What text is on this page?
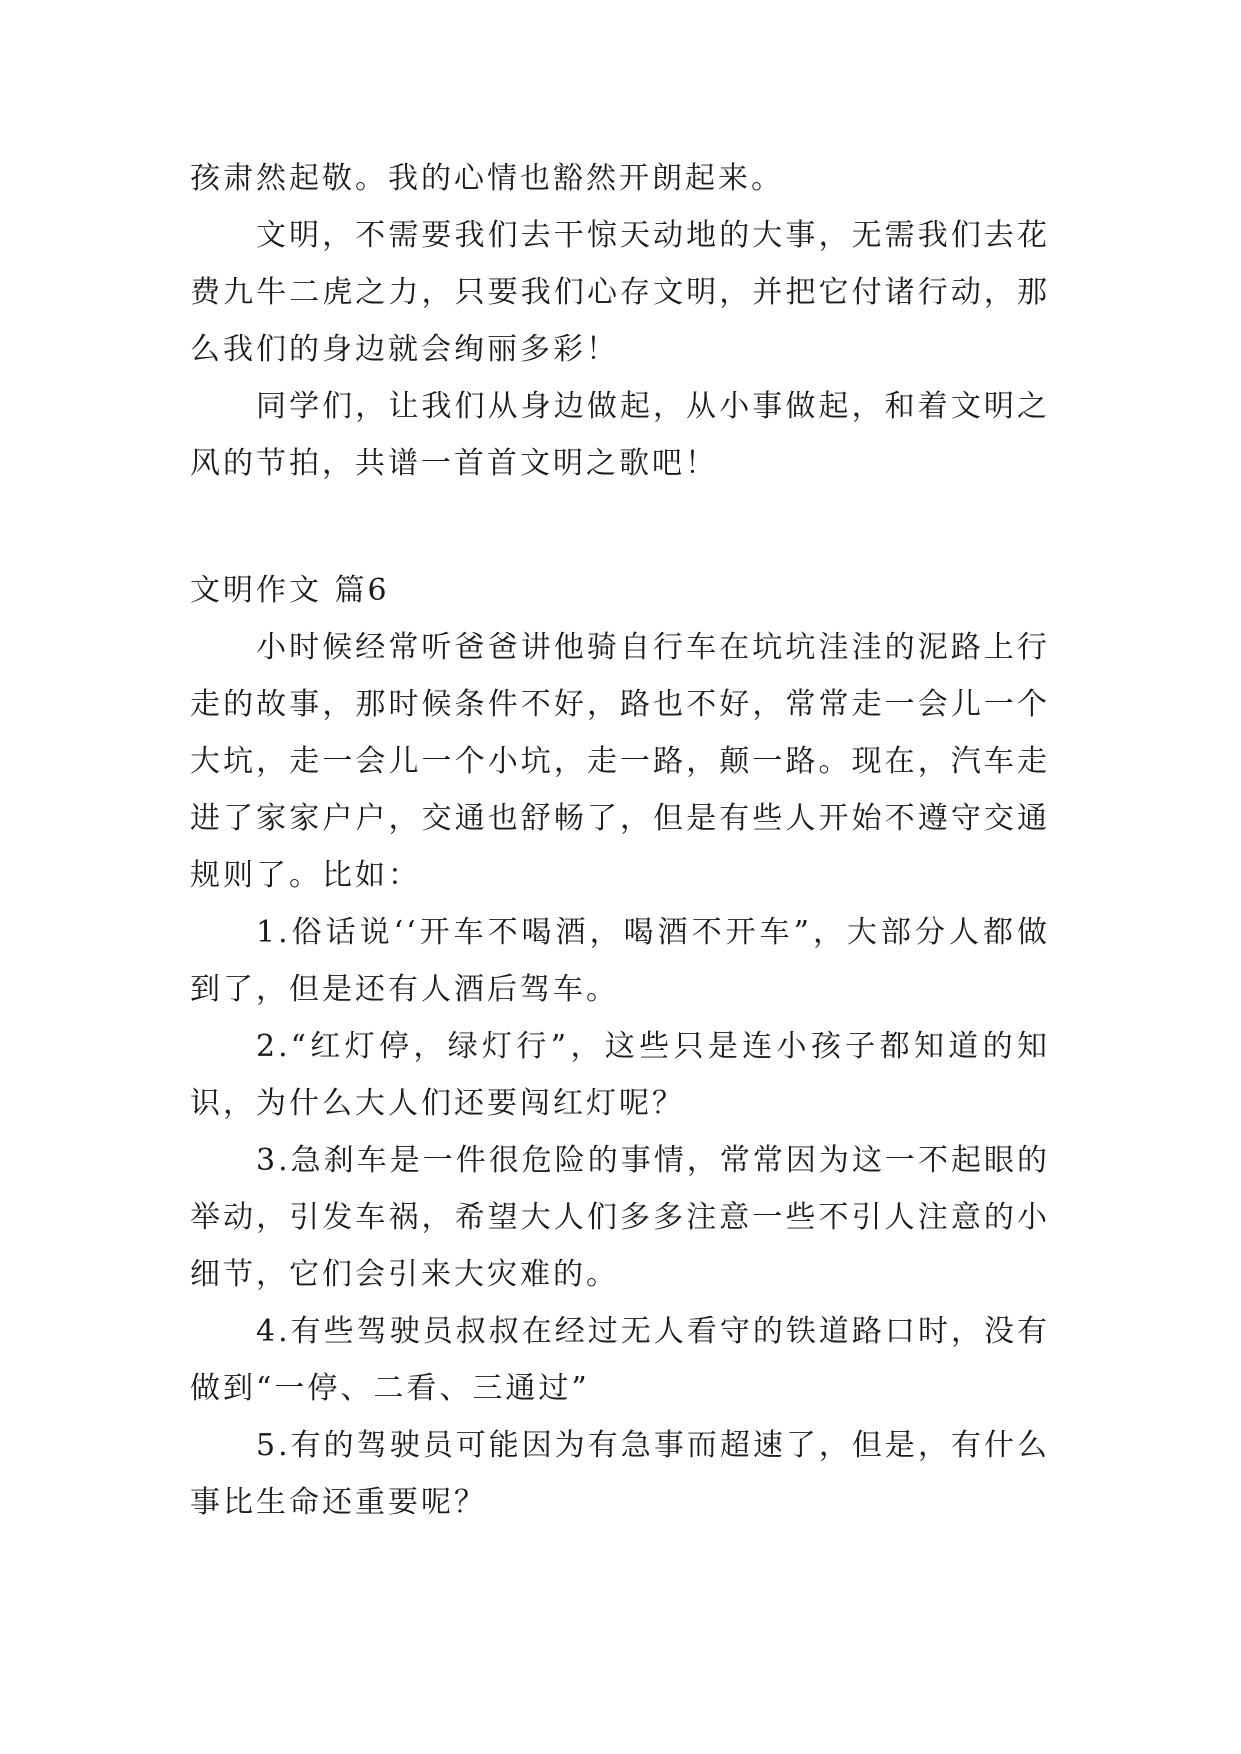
孩肃然起敬。我的心情也豁然开朗起来。

文明，不需要我们去干惊天动地的大事，无需我们去花费九牛二虎之力，只要我们心存文明，并把它付诸行动，那么我们的身边就会绚丽多彩！

同学们，让我们从身边做起，从小事做起，和着文明之风的节拍，共谱一首首文明之歌吧！

文明作文 篇6

小时候经常听爸爸讲他骑自行车在坑坑洼洼的泥路上行走的故事，那时候条件不好，路也不好，常常走一会儿一个大坑，走一会儿一个小坑，走一路，颠一路。现在，汽车走进了家家户户，交通也舒畅了，但是有些人开始不遵守交通规则了。比如：

1.俗话说‘‘开车不喝酒，喝酒不开车”，大部分人都做到了，但是还有人酒后驾车。

2.“红灯停，绿灯行”，这些只是连小孩子都知道的知识，为什么大人们还要闯红灯呢？

3.急刹车是一件很危险的事情，常常因为这一不起眼的举动，引发车祸，希望大人们多多注意一些不引人注意的小细节，它们会引来大灾难的。

4.有些驾驶员叔叔在经过无人看守的铁道路口时，没有做到“一停、二看、三通过”

5.有的驾驶员可能因为有急事而超速了，但是，有什么事比生命还重要呢？
